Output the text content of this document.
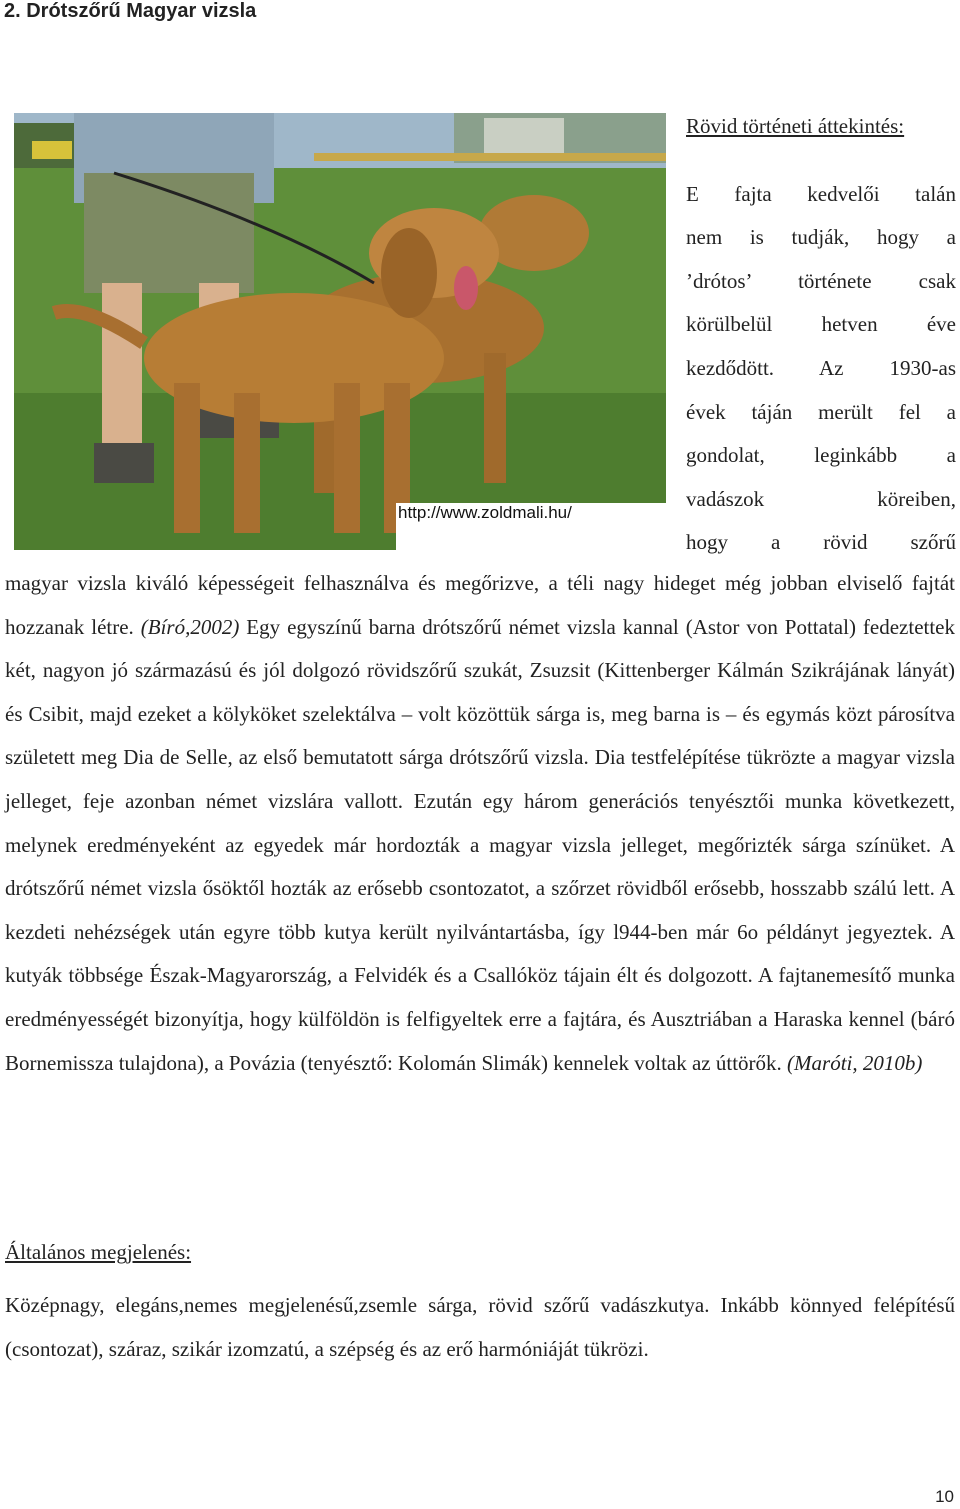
2. Drótszőrű Magyar vizsla
http://www.zoldmali.hu/
Rövid történeti áttekintés:

E fajta kedvelői talán

nem is tudják, hogy a

’drótos’ története csak

körülbelül hetven éve

kezdődött. Az 1930-as

évek táján merült fel a

gondolat, leginkább a

vadászok köreiben,

hogy a rövid szőrű

magyar vizsla kiváló képességeit felhasználva és megőrizve, a téli nagy hideget még jobban elviselő fajtát hozzanak létre. (Bíró,2002) Egy egyszínű barna drótszőrű német vizsla kannal (Astor von Pottatal) fedeztettek két, nagyon jó származású és jól dolgozó rövidszőrű szukát, Zsuzsit (Kittenberger Kálmán Szikrájának lányát) és Csibit, majd ezeket a kölyköket szelektálva – volt közöttük sárga is, meg barna is – és egymás közt párosítva született meg Dia de Selle, az első bemutatott sárga drótszőrű vizsla. Dia testfelépítése tükrözte a magyar vizsla jelleget, feje azonban német vizslára vallott. Ezután egy három generációs tenyésztői munka következett, melynek eredményeként az egyedek már hordozták a magyar vizsla jelleget, megőrizték sárga színüket. A drótszőrű német vizsla ősöktől hozták az erősebb csontozatot, a szőrzet rövidből erősebb, hosszabb szálú lett. A kezdeti nehézségek után egyre több kutya került nyilvántartásba, így l944-ben már 6o példányt jegyeztek. A kutyák többsége Észak-Magyarország, a Felvidék és a Csallóköz tájain élt és dolgozott. A fajtanemesítő munka eredményességét bizonyítja, hogy külföldön is felfigyeltek erre a fajtára, és Ausztriában a Haraska kennel (báró Bornemissza tulajdona), a Povázia (tenyésztő: Kolomán Slimák) kennelek voltak az úttörők. (Maróti, 2010b)

Általános megjelenés:

Középnagy, elegáns,nemes megjelenésű,zsemle sárga, rövid szőrű vadászkutya. Inkább könnyed felépítésű (csontozat), száraz, szikár izomzatú, a szépség és az erő harmóniáját tükrözi.

10
